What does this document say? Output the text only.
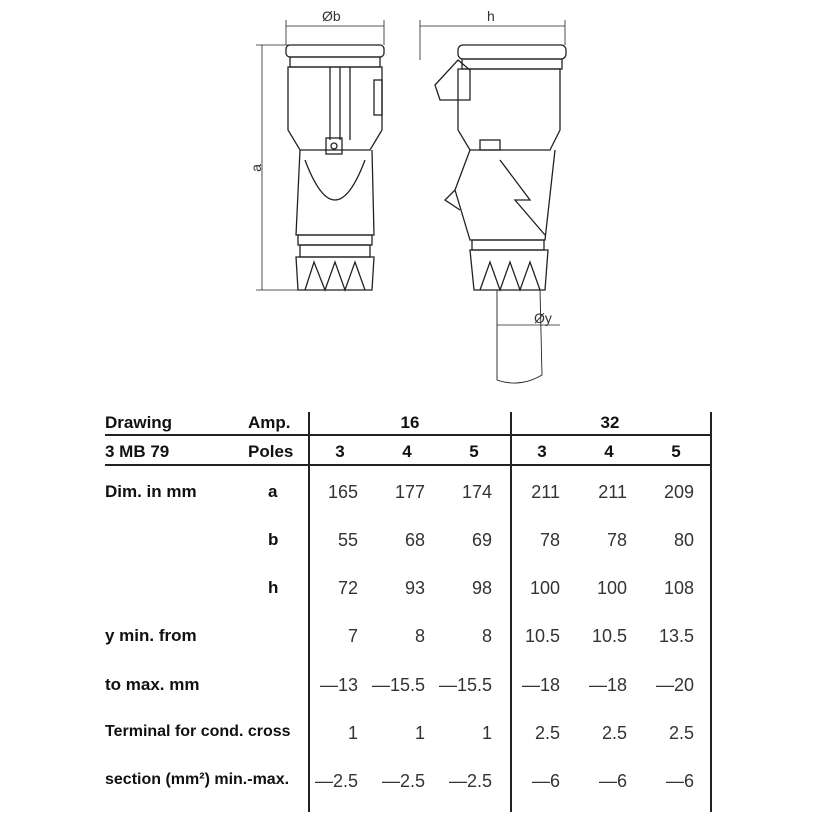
Øb	h
a
Øy
Drawing
3 MB 79
Amp.
Poles
16	32
3	4	5	3	4	5
Dim. in mm	a	165	177	174	211	211	209
b	55	68	69	78	78	80
h	72	93	98	100	100	108
y min. from	7	8	8	10.5	10.5	13.5
to max. mm	—13 —15.5 —15.5	—18	—18	—20
Terminal for cond. cross	1	1	1	2.5	2.5	2.5
section (mm²) min.-max.	—2.5	—2.5	—2.5	—6	—6	—6
